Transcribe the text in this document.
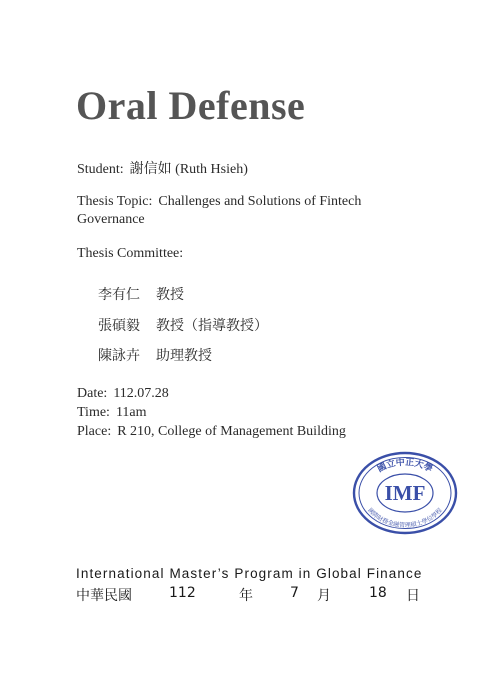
Oral Defense
Student: 謝信如 (Ruth Hsieh)
Thesis Topic: Challenges and Solutions of Fintech
Governance
Thesis Committee:
李有仁 教授
張碩毅 教授（指導教授）
陳詠卉 助理教授
Date: 112.07.28
Time: 11am
Place: R 210, College of Management Building
國立中正大學
國際財務金融管理碩士學位學程
IMF
International Master’s Program in Global Finance
中華民國	112	年	7 月	18 日
